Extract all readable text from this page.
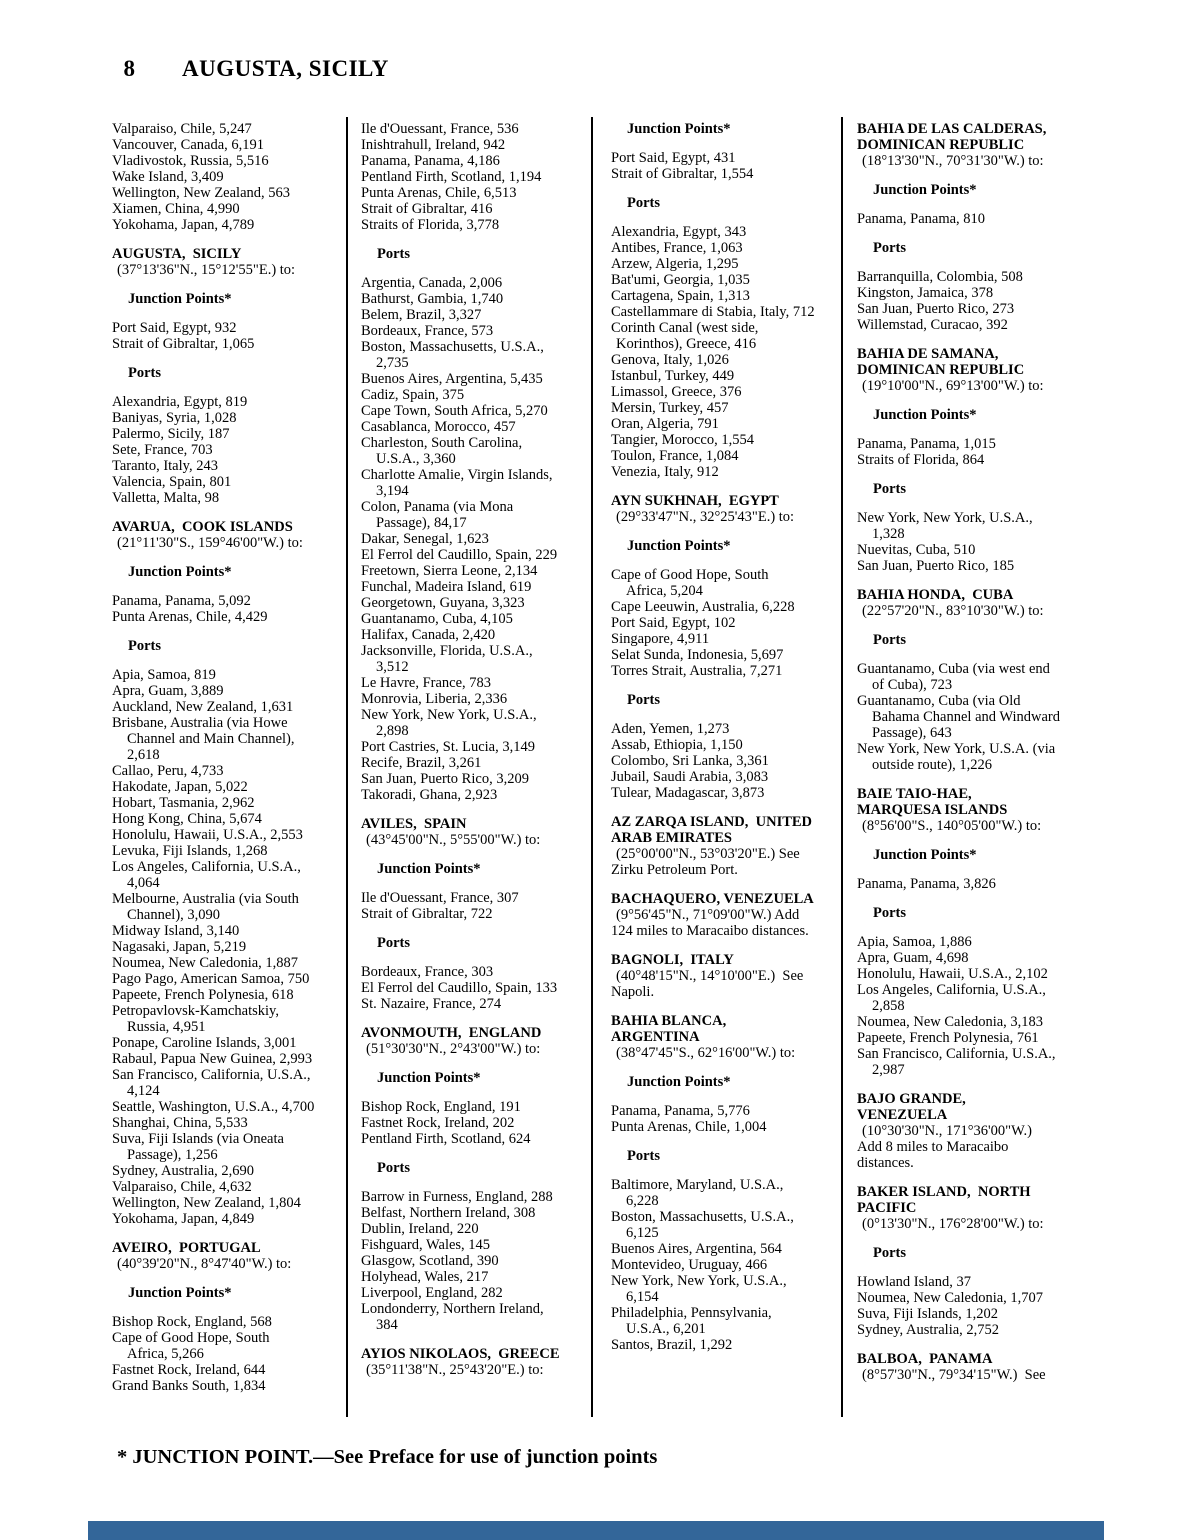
8 AUGUSTA, SICILY

Valparaiso, Chile, 5,247
Vancouver, Canada, 6,191
Vladivostok, Russia, 5,516
Wake Island, 3,409
Wellington, New Zealand, 563
Xiamen, China, 4,990
Yokohama, Japan, 4,789
AUGUSTA,  SICILY
(37°13'36"N., 15°12'55"E.) to:
Junction Points*
Port Said, Egypt, 932
Strait of Gibraltar, 1,065
Ports
Alexandria, Egypt, 819
Baniyas, Syria, 1,028
Palermo, Sicily, 187
Sete, France, 703
Taranto, Italy, 243
Valencia, Spain, 801
Valletta, Malta, 98
AVARUA,  COOK ISLANDS
(21°11'30"S., 159°46'00"W.) to:
Junction Points*
Panama, Panama, 5,092
Punta Arenas, Chile, 4,429
Ports
Apia, Samoa, 819
Apra, Guam, 3,889
Auckland, New Zealand, 1,631
Brisbane, Australia (via Howe
Channel and Main Channel),
2,618
Callao, Peru, 4,733
Hakodate, Japan, 5,022
Hobart, Tasmania, 2,962
Hong Kong, China, 5,674
Honolulu, Hawaii, U.S.A., 2,553
Levuka, Fiji Islands, 1,268
Los Angeles, California, U.S.A.,
4,064
Melbourne, Australia (via South
Channel), 3,090
Midway Island, 3,140
Nagasaki, Japan, 5,219
Noumea, New Caledonia, 1,887
Pago Pago, American Samoa, 750
Papeete, French Polynesia, 618
Petropavlovsk-Kamchatskiy,
Russia, 4,951
Ponape, Caroline Islands, 3,001
Rabaul, Papua New Guinea, 2,993
San Francisco, California, U.S.A.,
4,124
Seattle, Washington, U.S.A., 4,700
Shanghai, China, 5,533
Suva, Fiji Islands (via Oneata
Passage), 1,256
Sydney, Australia, 2,690
Valparaiso, Chile, 4,632
Wellington, New Zealand, 1,804
Yokohama, Japan, 4,849
AVEIRO,  PORTUGAL
(40°39'20"N., 8°47'40"W.) to:
Junction Points*
Bishop Rock, England, 568
Cape of Good Hope, South
Africa, 5,266
Fastnet Rock, Ireland, 644
Grand Banks South, 1,834
Ile d'Ouessant, France, 536
Inishtrahull, Ireland, 942
Panama, Panama, 4,186
Pentland Firth, Scotland, 1,194
Punta Arenas, Chile, 6,513
Strait of Gibraltar, 416
Straits of Florida, 3,778
Ports
Argentia, Canada, 2,006
Bathurst, Gambia, 1,740
Belem, Brazil, 3,327
Bordeaux, France, 573
Boston, Massachusetts, U.S.A.,
2,735
Buenos Aires, Argentina, 5,435
Cadiz, Spain, 375
Cape Town, South Africa, 5,270
Casablanca, Morocco, 457
Charleston, South Carolina,
U.S.A., 3,360
Charlotte Amalie, Virgin Islands,
3,194
Colon, Panama (via Mona
Passage), 84,17
Dakar, Senegal, 1,623
El Ferrol del Caudillo, Spain, 229
Freetown, Sierra Leone, 2,134
Funchal, Madeira Island, 619
Georgetown, Guyana, 3,323
Guantanamo, Cuba, 4,105
Halifax, Canada, 2,420
Jacksonville, Florida, U.S.A.,
3,512
Le Havre, France, 783
Monrovia, Liberia, 2,336
New York, New York, U.S.A.,
2,898
Port Castries, St. Lucia, 3,149
Recife, Brazil, 3,261
San Juan, Puerto Rico, 3,209
Takoradi, Ghana, 2,923
AVILES,  SPAIN
(43°45'00"N., 5°55'00"W.) to:
Junction Points*
Ile d'Ouessant, France, 307
Strait of Gibraltar, 722
Ports
Bordeaux, France, 303
El Ferrol del Caudillo, Spain, 133
St. Nazaire, France, 274
AVONMOUTH,  ENGLAND
(51°30'30"N., 2°43'00"W.) to:
Junction Points*
Bishop Rock, England, 191
Fastnet Rock, Ireland, 202
Pentland Firth, Scotland, 624
Ports
Barrow in Furness, England, 288
Belfast, Northern Ireland, 308
Dublin, Ireland, 220
Fishguard, Wales, 145
Glasgow, Scotland, 390
Holyhead, Wales, 217
Liverpool, England, 282
Londonderry, Northern Ireland,
384
AYIOS NIKOLAOS,  GREECE
(35°11'38"N., 25°43'20"E.) to:
Junction Points*
Port Said, Egypt, 431
Strait of Gibraltar, 1,554
Ports
Alexandria, Egypt, 343
Antibes, France, 1,063
Arzew, Algeria, 1,295
Bat'umi, Georgia, 1,035
Cartagena, Spain, 1,313
Castellammare di Stabia, Italy, 712
Corinth Canal (west side,
Korinthos), Greece, 416
Genova, Italy, 1,026
Istanbul, Turkey, 449
Limassol, Greece, 376
Mersin, Turkey, 457
Oran, Algeria, 791
Tangier, Morocco, 1,554
Toulon, France, 1,084
Venezia, Italy, 912
AYN SUKHNAH,  EGYPT
(29°33'47"N., 32°25'43"E.) to:
Junction Points*
Cape of Good Hope, South
Africa, 5,204
Cape Leeuwin, Australia, 6,228
Port Said, Egypt, 102
Singapore, 4,911
Selat Sunda, Indonesia, 5,697
Torres Strait, Australia, 7,271
Ports
Aden, Yemen, 1,273
Assab, Ethiopia, 1,150
Colombo, Sri Lanka, 3,361
Jubail, Saudi Arabia, 3,083
Tulear, Madagascar, 3,873
AZ ZARQA ISLAND,  UNITED
ARAB EMIRATES
(25°00'00"N., 53°03'20"E.) See
Zirku Petroleum Port.
BACHAQUERO, VENEZUELA
(9°56'45"N., 71°09'00"W.) Add
124 miles to Maracaibo distances.
BAGNOLI,  ITALY
(40°48'15"N., 14°10'00"E.)  See
Napoli.
BAHIA BLANCA,
ARGENTINA
(38°47'45"S., 62°16'00"W.) to:
Junction Points*
Panama, Panama, 5,776
Punta Arenas, Chile, 1,004
Ports
Baltimore, Maryland, U.S.A.,
6,228
Boston, Massachusetts, U.S.A.,
6,125
Buenos Aires, Argentina, 564
Montevideo, Uruguay, 466
New York, New York, U.S.A.,
6,154
Philadelphia, Pennsylvania,
U.S.A., 6,201
Santos, Brazil, 1,292
BAHIA DE LAS CALDERAS,
DOMINICAN REPUBLIC
(18°13'30"N., 70°31'30"W.) to:
Junction Points*
Panama, Panama, 810
Ports
Barranquilla, Colombia, 508
Kingston, Jamaica, 378
San Juan, Puerto Rico, 273
Willemstad, Curacao, 392
BAHIA DE SAMANA,
DOMINICAN REPUBLIC
(19°10'00"N., 69°13'00"W.) to:
Junction Points*
Panama, Panama, 1,015
Straits of Florida, 864
Ports
New York, New York, U.S.A.,
1,328
Nuevitas, Cuba, 510
San Juan, Puerto Rico, 185
BAHIA HONDA,  CUBA
(22°57'20"N., 83°10'30"W.) to:
Ports
Guantanamo, Cuba (via west end
of Cuba), 723
Guantanamo, Cuba (via Old
Bahama Channel and Windward
Passage), 643
New York, New York, U.S.A. (via
outside route), 1,226
BAIE TAIO-HAE,
MARQUESA ISLANDS
(8°56'00"S., 140°05'00"W.) to:
Junction Points*
Panama, Panama, 3,826
Ports
Apia, Samoa, 1,886
Apra, Guam, 4,698
Honolulu, Hawaii, U.S.A., 2,102
Los Angeles, California, U.S.A.,
2,858
Noumea, New Caledonia, 3,183
Papeete, French Polynesia, 761
San Francisco, California, U.S.A.,
2,987
BAJO GRANDE,
VENEZUELA
(10°30'30"N., 171°36'00"W.)
Add 8 miles to Maracaibo
distances.
BAKER ISLAND,  NORTH
PACIFIC
(0°13'30"N., 176°28'00"W.) to:
Ports
Howland Island, 37
Noumea, New Caledonia, 1,707
Suva, Fiji Islands, 1,202
Sydney, Australia, 2,752
BALBOA,  PANAMA
(8°57'30"N., 79°34'15"W.)  See
* JUNCTION POINT.—See Preface for use of junction points
